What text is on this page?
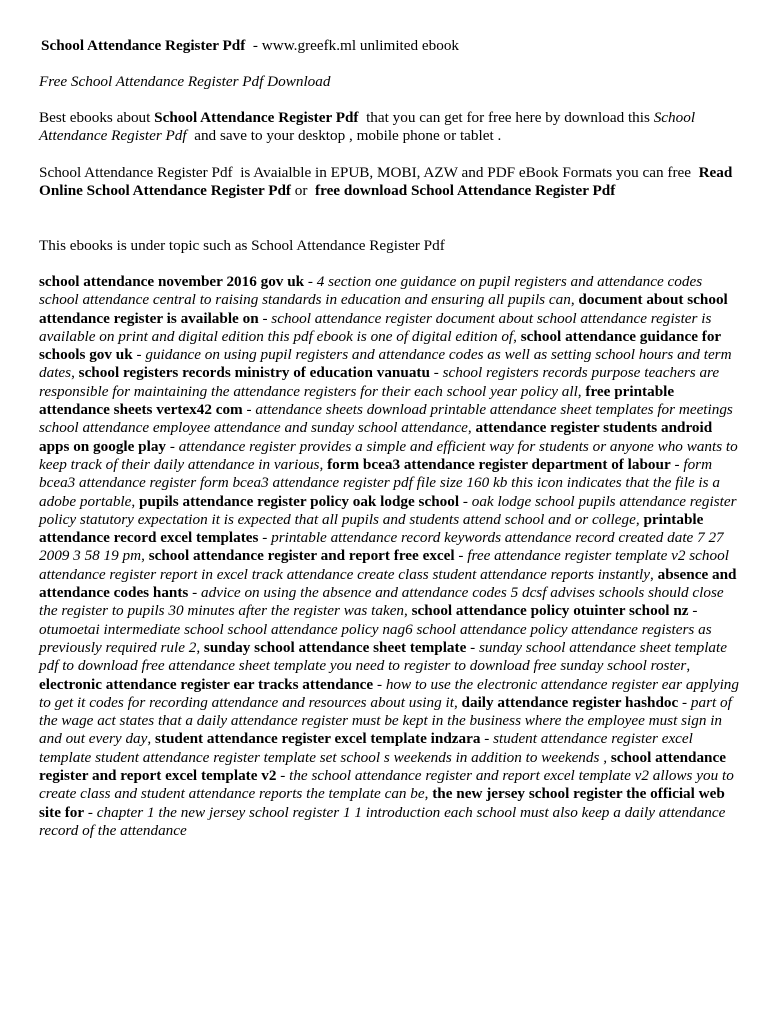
School Attendance Register Pdf  - www.greefk.ml unlimited ebook
Free School Attendance Register Pdf Download
Best ebooks about School Attendance Register Pdf  that you can get for free here by download this School Attendance Register Pdf  and save to your desktop , mobile phone or tablet .
School Attendance Register Pdf  is Avaialble in EPUB, MOBI, AZW and PDF eBook Formats you can free  Read Online School Attendance Register Pdf or  free download School Attendance Register Pdf
This ebooks is under topic such as School Attendance Register Pdf
school attendance november 2016 gov uk - 4 section one guidance on pupil registers and attendance codes school attendance central to raising standards in education and ensuring all pupils can, document about school attendance register is available on - school attendance register document about school attendance register is available on print and digital edition this pdf ebook is one of digital edition of, school attendance guidance for schools gov uk - guidance on using pupil registers and attendance codes as well as setting school hours and term dates, school registers records ministry of education vanuatu - school registers records purpose teachers are responsible for maintaining the attendance registers for their each school year policy all, free printable attendance sheets vertex42 com - attendance sheets download printable attendance sheet templates for meetings school attendance employee attendance and sunday school attendance, attendance register students android apps on google play - attendance register provides a simple and efficient way for students or anyone who wants to keep track of their daily attendance in various, form bcea3 attendance register department of labour - form bcea3 attendance register form bcea3 attendance register pdf file size 160 kb this icon indicates that the file is a adobe portable, pupils attendance register policy oak lodge school - oak lodge school pupils attendance register policy statutory expectation it is expected that all pupils and students attend school and or college, printable attendance record excel templates - printable attendance record keywords attendance record created date 7 27 2009 3 58 19 pm, school attendance register and report free excel - free attendance register template v2 school attendance register report in excel track attendance create class student attendance reports instantly, absence and attendance codes hants - advice on using the absence and attendance codes 5 dcsf advises schools should close the register to pupils 30 minutes after the register was taken, school attendance policy otuinter school nz - otumoetai intermediate school school attendance policy nag6 school attendance policy attendance registers as previously required rule 2, sunday school attendance sheet template - sunday school attendance sheet template pdf to download free attendance sheet template you need to register to download free sunday school roster, electronic attendance register ear tracks attendance - how to use the electronic attendance register ear applying to get it codes for recording attendance and resources about using it, daily attendance register hashdoc - part of the wage act states that a daily attendance register must be kept in the business where the employee must sign in and out every day, student attendance register excel template indzara - student attendance register excel template student attendance register template set school s weekends in addition to weekends , school attendance register and report excel template v2 - the school attendance register and report excel template v2 allows you to create class and student attendance reports the template can be, the new jersey school register the official web site for - chapter 1 the new jersey school register 1 1 introduction each school must also keep a daily attendance record of the attendance
